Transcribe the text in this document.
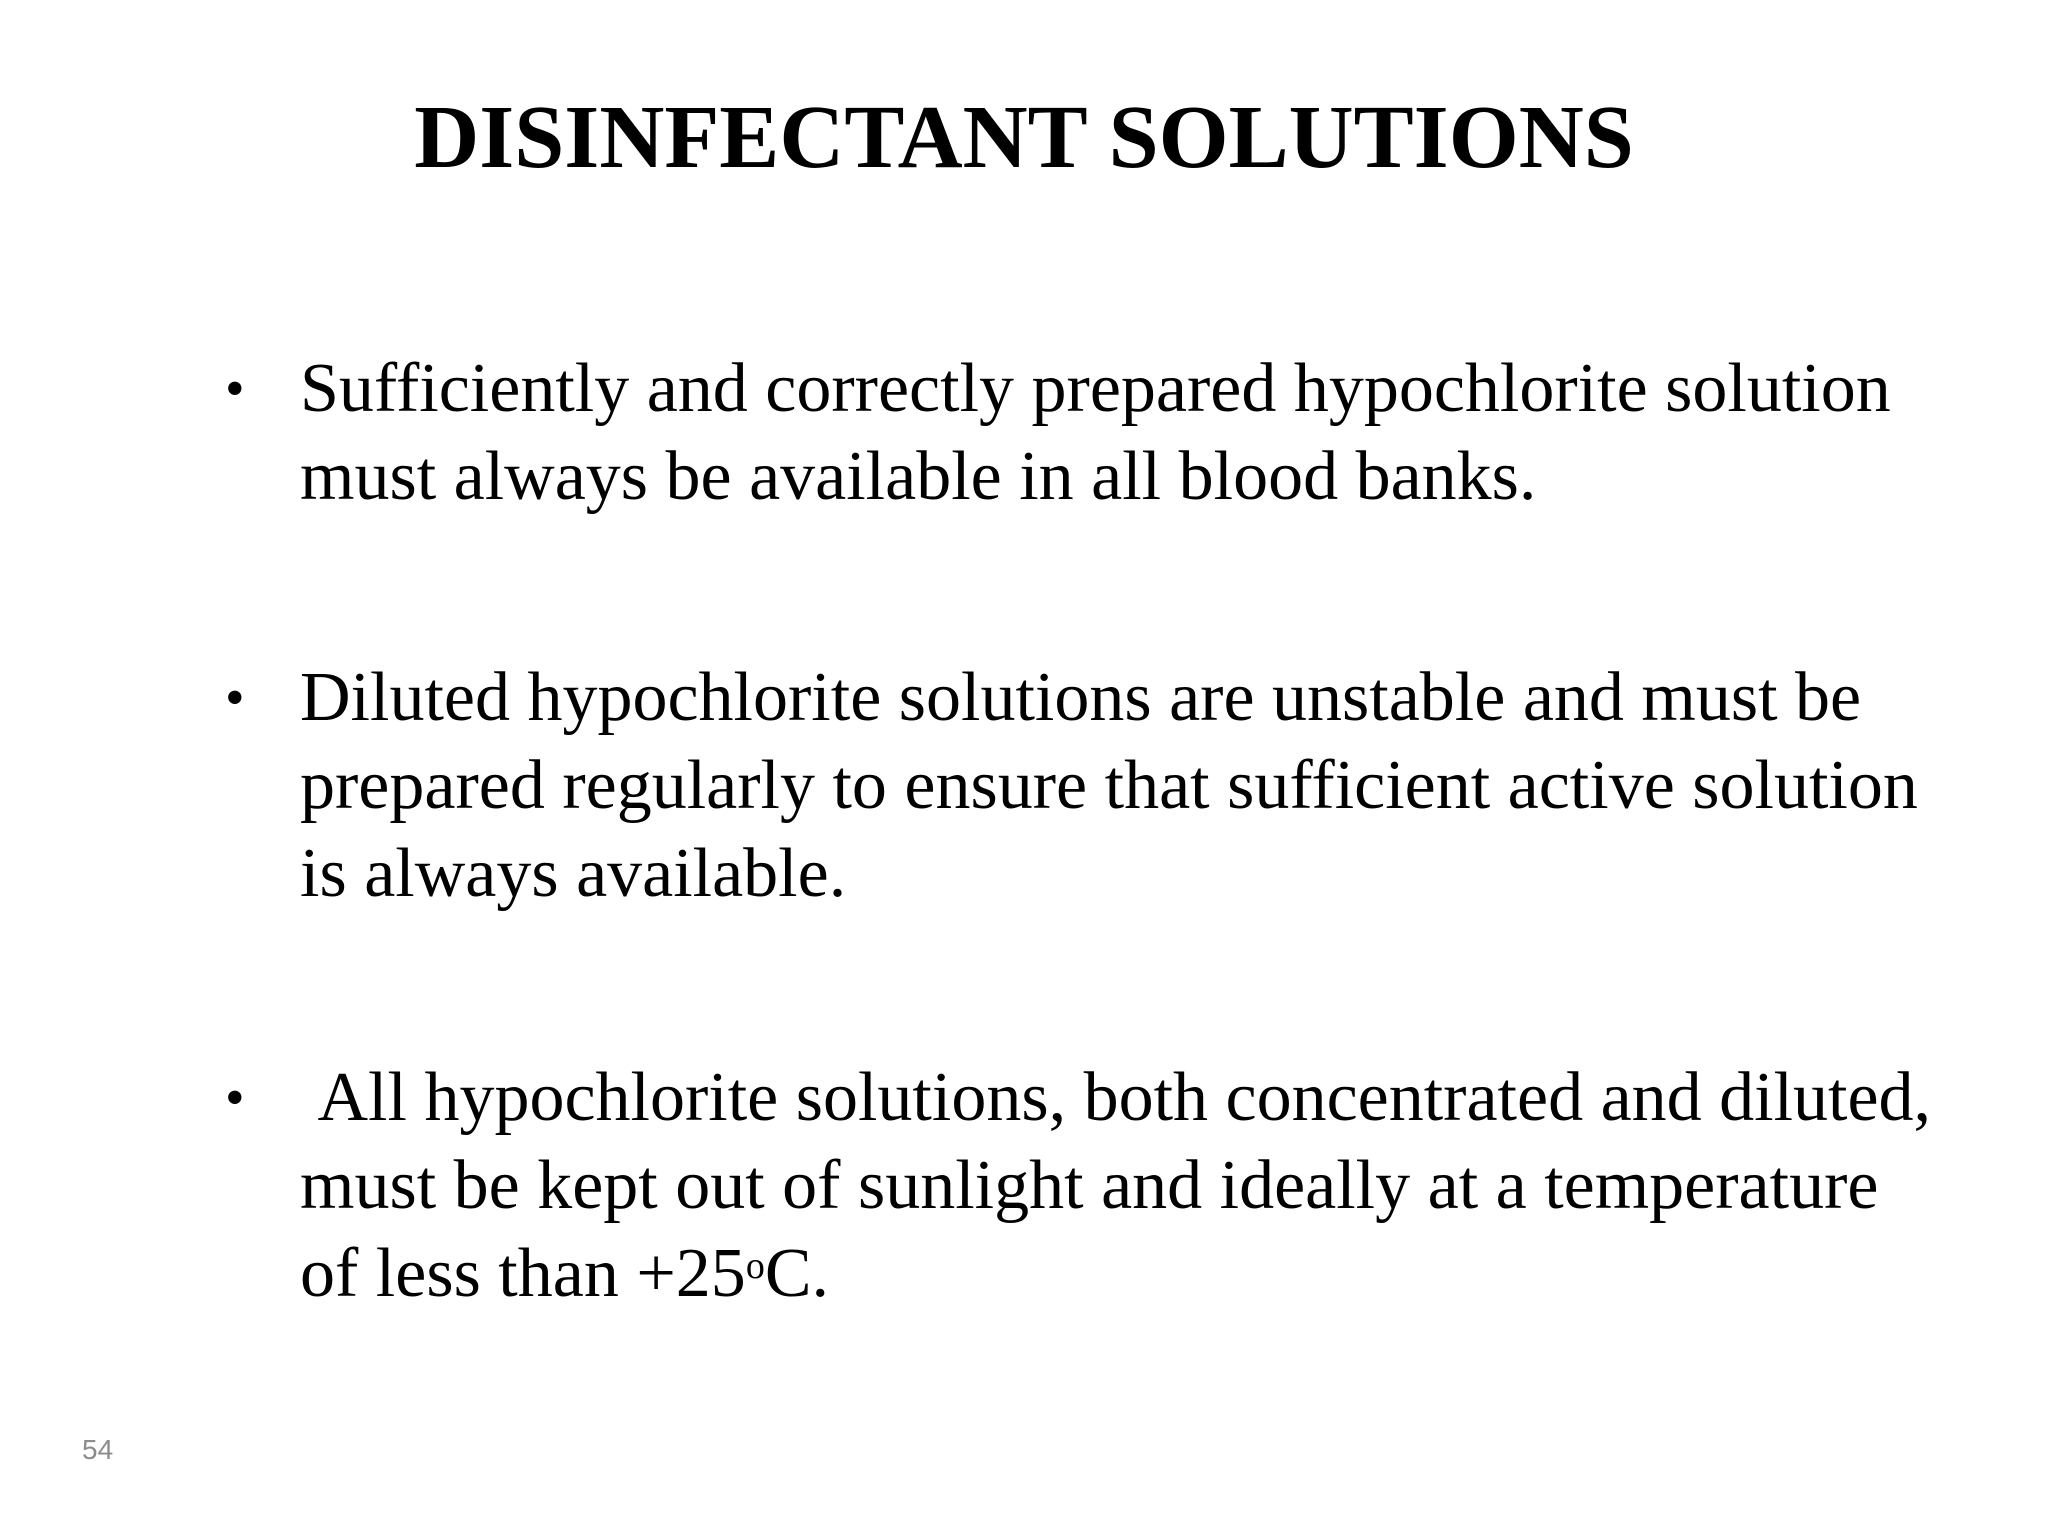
DISINFECTANT SOLUTIONS
• Sufficiently and correctly prepared hypochlorite solution must always be available in all blood banks.
• Diluted hypochlorite solutions are unstable and must be prepared regularly to ensure that sufficient active solution is always available.
• All hypochlorite solutions, both concentrated and diluted, must be kept out of sunlight and ideally at a temperature of less than $+25^oC$.
54
